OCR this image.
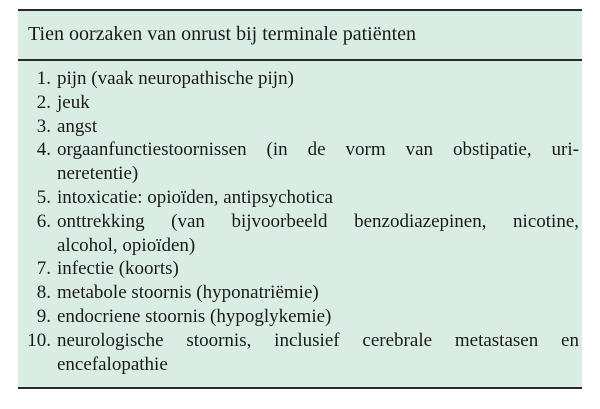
Tien oorzaken van onrust bij terminale patiënten
1. pijn (vaak neuropathische pijn)
2. jeuk
3. angst
4. orgaanfunctiestoornissen (in de vorm van obstipatie, uri-
neretentie)
5. intoxicatie: opioïden, antipsychotica
6. onttrekking (van bijvoorbeeld benzodiazepinen, nicotine,
alcohol, opioïden)
7. infectie (koorts)
8. metabole stoornis (hyponatriëmie)
9. endocriene stoornis (hypoglykemie)
10. neurologische stoornis, inclusief cerebrale metastasen en
encefalopathie
